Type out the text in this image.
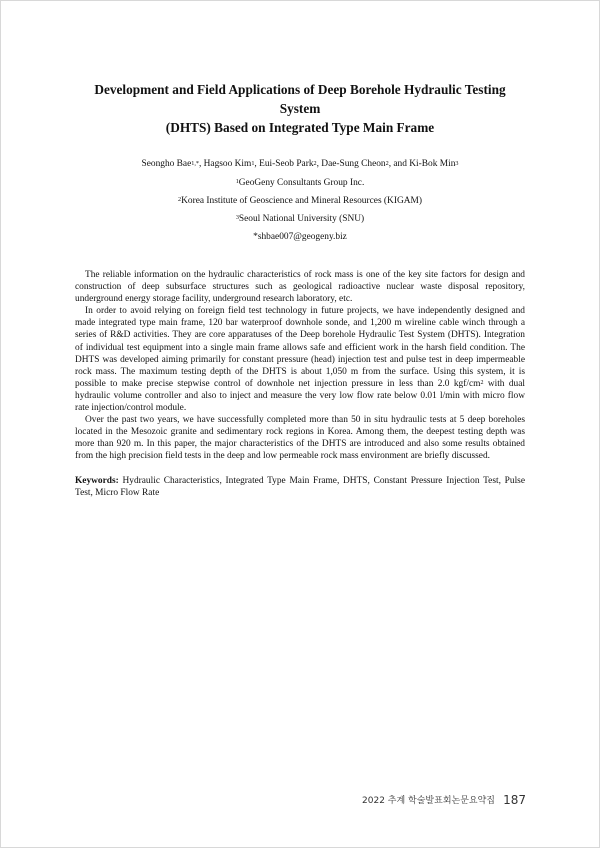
Development and Field Applications of Deep Borehole Hydraulic Testing System
(DHTS) Based on Integrated Type Main Frame
Seongho Bae$^{1,*}$, Hagsoo Kim$^1$, Eui-Seob Park$^2$, Dae-Sung Cheon$^2$, and Ki-Bok Min$^3$
$^1$GeoGeny Consultants Group Inc.
$^2$Korea Institute of Geoscience and Mineral Resources (KIGAM)
$^3$Seoul National University (SNU)
*shbae007@geogeny.biz

The reliable information on the hydraulic characteristics of rock mass is one of the key site factors for design and construction of deep subsurface structures such as geological radioactive nuclear waste disposal repository, underground energy storage facility, underground research laboratory, etc.

In order to avoid relying on foreign field test technology in future projects, we have independently designed and made integrated type main frame, 120 bar waterproof downhole sonde, and 1,200 m wireline cable winch through a series of R&D activities. They are core apparatuses of the Deep borehole Hydraulic Test System (DHTS). Integration of individual test equipment into a single main frame allows safe and efficient work in the harsh field condition. The DHTS was developed aiming primarily for constant pressure (head) injection test and pulse test in deep impermeable rock mass. The maximum testing depth of the DHTS is about 1,050 m from the surface. Using this system, it is possible to make precise stepwise control of downhole net injection pressure in less than 2.0 kgf/$cm^2$ with dual hydraulic volume controller and also to inject and measure the very low flow rate below 0.01 l/min with micro flow rate injection/control module.

Over the past two years, we have successfully completed more than 50 in situ hydraulic tests at 5 deep boreholes located in the Mesozoic granite and sedimentary rock regions in Korea. Among them, the deepest testing depth was more than 920 m. In this paper, the major characteristics of the DHTS are introduced and also some results obtained from the high precision field tests in the deep and low permeable rock mass environment are briefly discussed.

Keywords: Hydraulic Characteristics, Integrated Type Main Frame, DHTS, Constant Pressure Injection Test, Pulse Test, Micro Flow Rate
2022 추계 학술발표회논문요약집 187
